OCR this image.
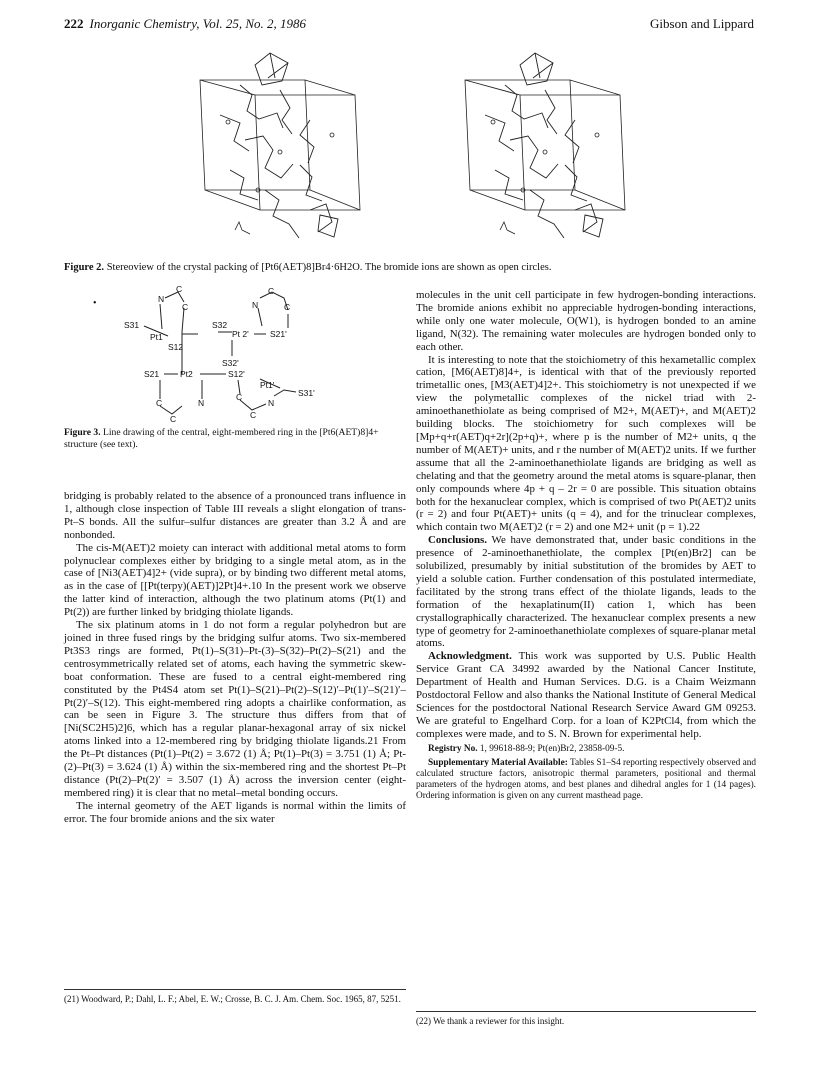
222 Inorganic Chemistry, Vol. 25, No. 2, 1986	Gibson and Lippard
Figure 2. Stereoview of the crystal packing of [Pt6(AET)8]Br4·6H2O. The bromide ions are shown as open circles.
•	N
C
C	N
C
C
S31
Pt1
S32
S12
Pt 2'	S21'
S32'
S21 Pt2	S12'
Pt1'
S31'
C	N
C
N
C	C
Figure 3. Line drawing of the central, eight-membered ring in the [Pt6(AET)8]4+ structure (see text).

bridging is probably related to the absence of a pronounced trans influence in 1, although close inspection of Table III reveals a slight elongation of trans-Pt–S bonds. All the sulfur–sulfur distances are greater than 3.2 Å and are nonbonded.

The cis-M(AET)2 moiety can interact with additional metal atoms to form polynuclear complexes either by bridging to a single metal atom, as in the case of [Ni3(AET)4]2+ (vide supra), or by binding two different metal atoms, as in the case of [[Pt(terpy)(AET)]2Pt]4+.10 In the present work we observe the latter kind of interaction, although the two platinum atoms (Pt(1) and Pt(2)) are further linked by bridging thiolate ligands.

The six platinum atoms in 1 do not form a regular polyhedron but are joined in three fused rings by the bridging sulfur atoms. Two six-membered Pt3S3 rings are formed, Pt(1)–S(31)–Pt-(3)–S(32)–Pt(2)–S(21) and the centrosymmetrically related set of atoms, each having the symmetric skew-boat conformation. These are fused to a central eight-membered ring constituted by the Pt4S4 atom set Pt(1)–S(21)–Pt(2)–S(12)′–Pt(1)′–S(21)′–Pt(2)′–S(12). This eight-membered ring adopts a chairlike conformation, as can be seen in Figure 3. The structure thus differs from that of [Ni(SC2H5)2]6, which has a regular planar-hexagonal array of six nickel atoms linked into a 12-membered ring by bridging thiolate ligands.21 From the Pt–Pt distances (Pt(1)–Pt(2) = 3.672 (1) Å; Pt(1)–Pt(3) = 3.751 (1) Å; Pt-(2)–Pt(3) = 3.624 (1) Å) within the six-membered ring and the shortest Pt–Pt distance (Pt(2)–Pt(2)′ = 3.507 (1) Å) across the inversion center (eight-membered ring) it is clear that no metal–metal bonding occurs.

The internal geometry of the AET ligands is normal within the limits of error. The four bromide anions and the six water

molecules in the unit cell participate in few hydrogen-bonding interactions. The bromide anions exhibit no appreciable hydrogen-bonding interactions, while only one water molecule, O(W1), is hydrogen bonded to an amine ligand, N(32). The remaining water molecules are hydrogen bonded only to each other.

It is interesting to note that the stoichiometry of this hexametallic complex cation, [M6(AET)8]4+, is identical with that of the previously reported trimetallic ones, [M3(AET)4]2+. This stoichiometry is not unexpected if we view the polymetallic complexes of the nickel triad with 2-aminoethanethiolate as being comprised of M2+, M(AET)+, and M(AET)2 building blocks. The stoichiometry for such complexes will be [Mp+q+r(AET)q+2r](2p+q)+, where p is the number of M2+ units, q the number of M(AET)+ units, and r the number of M(AET)2 units. If we further assume that all the 2-aminoethanethiolate ligands are bridging as well as chelating and that the geometry around the metal atoms is square-planar, then only compounds where 4p + q – 2r = 0 are possible. This situation obtains both for the hexanuclear complex, which is comprised of two Pt(AET)2 units (r = 2) and four Pt(AET)+ units (q = 4), and for the trinuclear complexes, which contain two M(AET)2 (r = 2) and one M2+ unit (p = 1).22

Conclusions. We have demonstrated that, under basic conditions in the presence of 2-aminoethanethiolate, the complex [Pt(en)Br2] can be solubilized, presumably by initial substitution of the bromides by AET to yield a soluble cation. Further condensation of this postulated intermediate, facilitated by the strong trans effect of the thiolate ligands, leads to the formation of the hexaplatinum(II) cation 1, which has been crystallographically characterized. The hexanuclear complex presents a new type of geometry for 2-aminoethanethiolate complexes of square-planar metal atoms.

Acknowledgment. This work was supported by U.S. Public Health Service Grant CA 34992 awarded by the National Cancer Institute, Department of Health and Human Services. D.G. is a Chaim Weizmann Postdoctoral Fellow and also thanks the National Institute of General Medical Sciences for the postdoctoral National Research Service Award GM 09253. We are grateful to Engelhard Corp. for a loan of K2PtCl4, from which the complexes were made, and to S. N. Brown for experimental help.

Registry No. 1, 99618-88-9; Pt(en)Br2, 23858-09-5.

Supplementary Material Available: Tables S1–S4 reporting respectively observed and calculated structure factors, anisotropic thermal parameters, positional and thermal parameters of the hydrogen atoms, and best planes and dihedral angles for 1 (14 pages). Ordering information is given on any current masthead page.

(21) Woodward, P.; Dahl, L. F.; Abel, E. W.; Crosse, B. C. J. Am. Chem. Soc. 1965, 87, 5251.
(22) We thank a reviewer for this insight.
